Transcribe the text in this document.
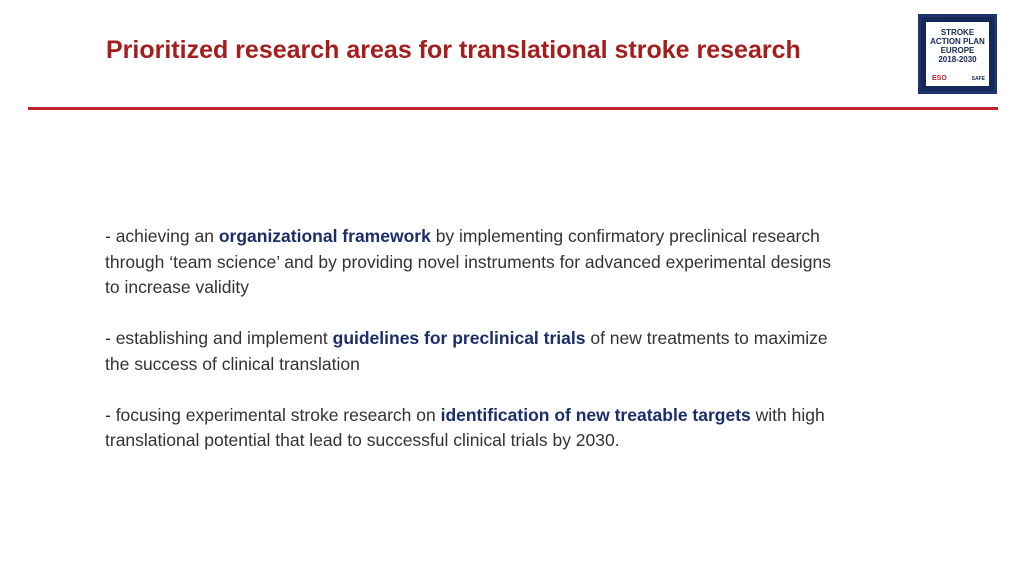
Prioritized research areas for translational stroke research
STROKE
ACTION PLAN
EUROPE
2018-2030
ESO	SAFE

- achieving an organizational framework by implementing confirmatory preclinical research through ‘team science’ and by providing novel instruments for advanced experimental designs to increase validity

- establishing and implement guidelines for preclinical trials of new treatments to maximize the success of clinical translation

- focusing experimental stroke research on identification of new treatable targets with high translational potential that lead to successful clinical trials by 2030.
